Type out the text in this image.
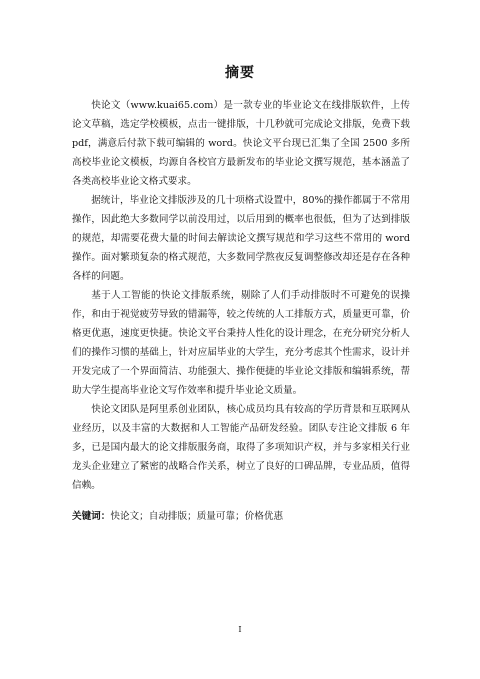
摘要

快论文（www.kuai65.com）是一款专业的毕业论文在线排版软件，上传论文草稿，选定学校模板，点击一键排版，十几秒就可完成论文排版，免费下载 pdf，满意后付款下载可编辑的 word。快论文平台现已汇集了全国 2500 多所高校毕业论文模板，均源自各校官方最新发布的毕业论文撰写规范，基本涵盖了各类高校毕业论文格式要求。

据统计，毕业论文排版涉及的几十项格式设置中，80%的操作都属于不常用操作，因此绝大多数同学以前没用过，以后用到的概率也很低，但为了达到排版的规范，却需要花费大量的时间去解读论文撰写规范和学习这些不常用的 word 操作。面对繁琐复杂的格式规范，大多数同学熬夜反复调整修改却还是存在各种各样的问题。

基于人工智能的快论文排版系统，剔除了人们手动排版时不可避免的误操作，和由于视觉疲劳导致的错漏等，较之传统的人工排版方式，质量更可靠，价格更优惠，速度更快捷。快论文平台秉持人性化的设计理念，在充分研究分析人们的操作习惯的基础上，针对应届毕业的大学生，充分考虑其个性需求，设计并开发完成了一个界面简洁、功能强大、操作便捷的毕业论文排版和编辑系统，帮助大学生提高毕业论文写作效率和提升毕业论文质量。

快论文团队是阿里系创业团队，核心成员均具有较高的学历背景和互联网从业经历，以及丰富的大数据和人工智能产品研发经验。团队专注论文排版 6 年多，已是国内最大的论文排版服务商，取得了多项知识产权，并与多家相关行业龙头企业建立了紧密的战略合作关系，树立了良好的口碑品牌，专业品质，值得信赖。

关键词：快论文；自动排版；质量可靠；价格优惠

I
